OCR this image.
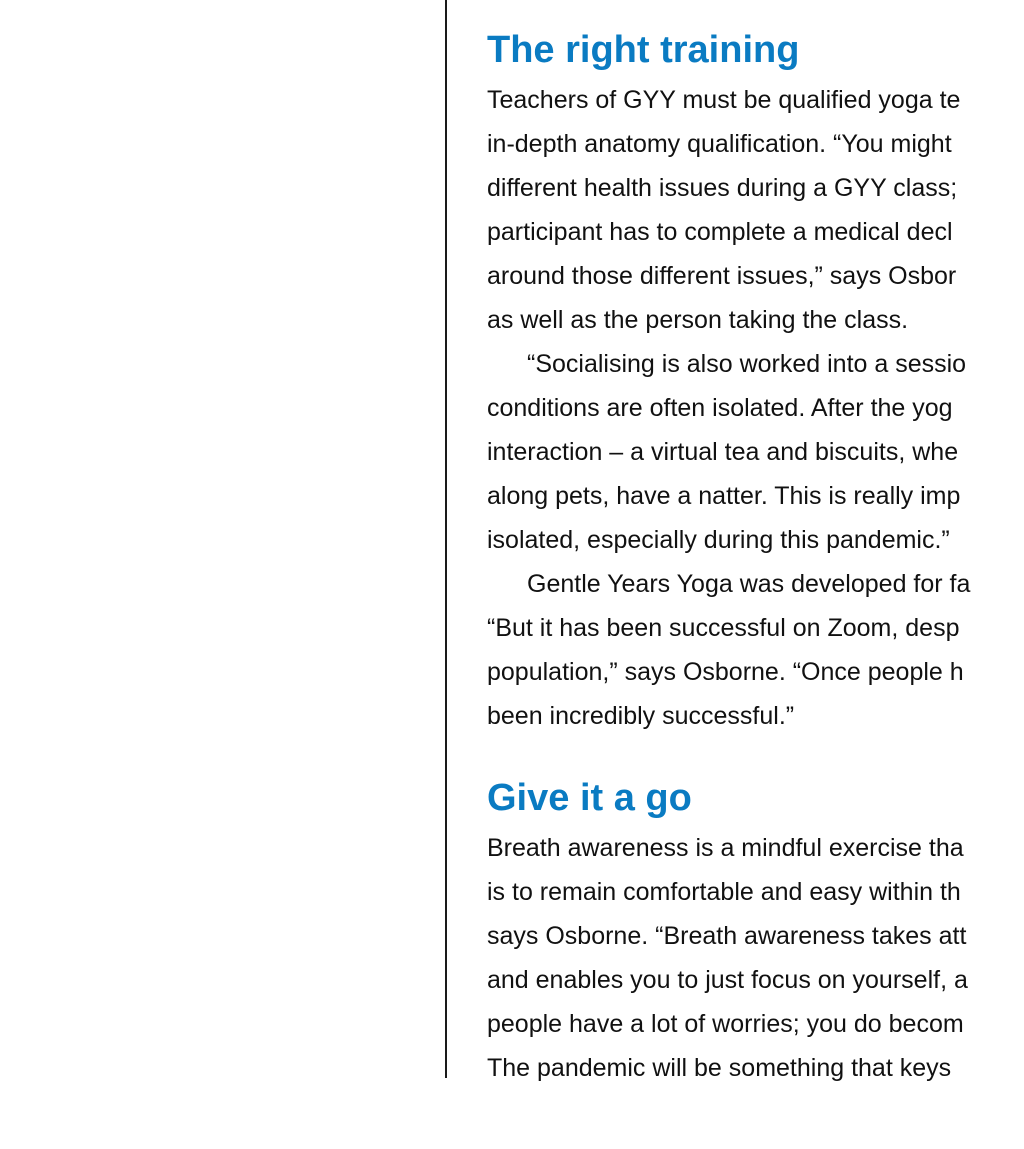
The right training
Teachers of GYY must be qualified yoga te
in-depth anatomy qualification. “You might
different health issues during a GYY class;
participant has to complete a medical decl
around those different issues,” says Osbor
as well as the person taking the class.
“Socialising is also worked into a sessio
conditions are often isolated. After the yog
interaction – a virtual tea and biscuits, whe
along pets, have a natter. This is really imp
isolated, especially during this pandemic.”
Gentle Years Yoga was developed for fa
“But it has been successful on Zoom, desp
population,” says Osborne. “Once people h
been incredibly successful.”
Give it a go
Breath awareness is a mindful exercise tha
is to remain comfortable and easy within th
says Osborne. “Breath awareness takes att
and enables you to just focus on yourself, a
people have a lot of worries; you do becom
The pandemic will be something that keys
